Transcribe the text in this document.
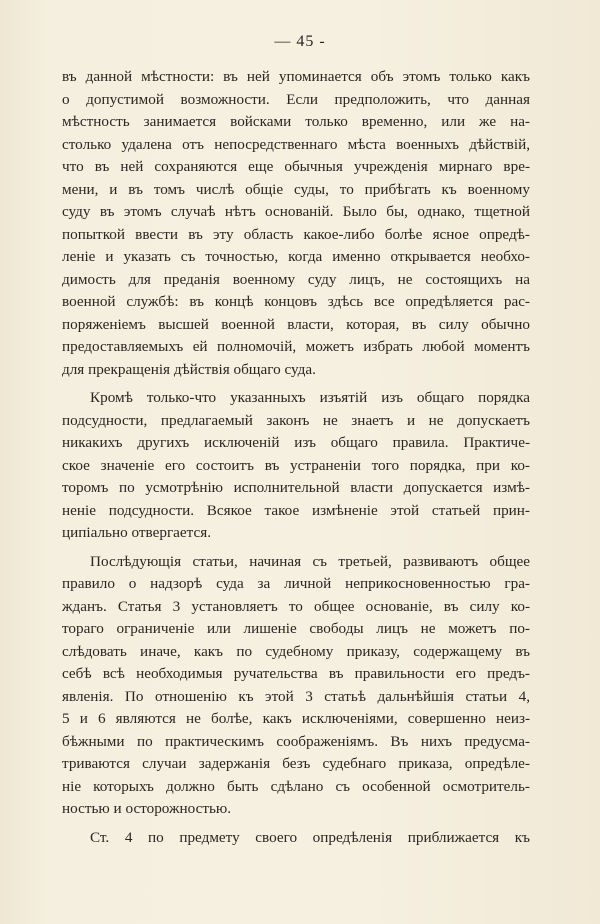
— 45 -
въ данной мѣстности: въ ней упоминается объ этомъ только какъ
о допустимой возможности. Если предположить, что данная
мѣстность занимается войсками только временно, или же на-
столько удалена отъ непосредственнаго мѣста военныхъ дѣйствій,
что въ ней сохраняются еще обычныя учрежденія мирнаго вре-
мени, и въ томъ числѣ общіе суды, то прибѣгать къ военному
суду въ этомъ случаѣ нѣтъ основаній. Было бы, однако, тщетной
попыткой ввести въ эту область какое-либо болѣе ясное опредѣ-
леніе и указать съ точностью, когда именно открывается необхо-
димость для преданія военному суду лицъ, не состоящихъ на
военной службѣ: въ концѣ концовъ здѣсь все опредѣляется рас-
поряженіемъ высшей военной власти, которая, въ силу обычно
предоставляемыхъ ей полномочій, можетъ избрать любой моментъ
для прекращенія дѣйствія общаго суда.
Кромѣ только-что указанныхъ изъятій изъ общаго порядка
подсудности, предлагаемый законъ не знаетъ и не допускаетъ
никакихъ другихъ исключеній изъ общаго правила. Практиче-
ское значеніе его состоитъ въ устраненіи того порядка, при ко-
торомъ по усмотрѣнію исполнительной власти допускается измѣ-
неніе подсудности. Всякое такое измѣненіе этой статьей прин-
ципіально отвергается.
Послѣдующія статьи, начиная съ третьей, развиваютъ общее
правило о надзорѣ суда за личной неприкосновенностью гра-
жданъ. Статья 3 установляетъ то общее основаніе, въ силу ко-
тораго ограниченіе или лишеніе свободы лицъ не можетъ по-
слѣдовать иначе, какъ по судебному приказу, содержащему въ
себѣ всѣ необходимыя ручательства въ правильности его предъ-
явленія. По отношенію къ этой 3 статьѣ дальнѣйшія статьи 4,
5 и 6 являются не болѣе, какъ исключеніями, совершенно неиз-
бѣжными по практическимъ соображеніямъ. Въ нихъ предусма-
триваются случаи задержанія безъ судебнаго приказа, опредѣле-
ніе которыхъ должно быть сдѣлано съ особенной осмотритель-
ностью и осторожностью.
Ст. 4 по предмету своего опредѣленія приближается къ
